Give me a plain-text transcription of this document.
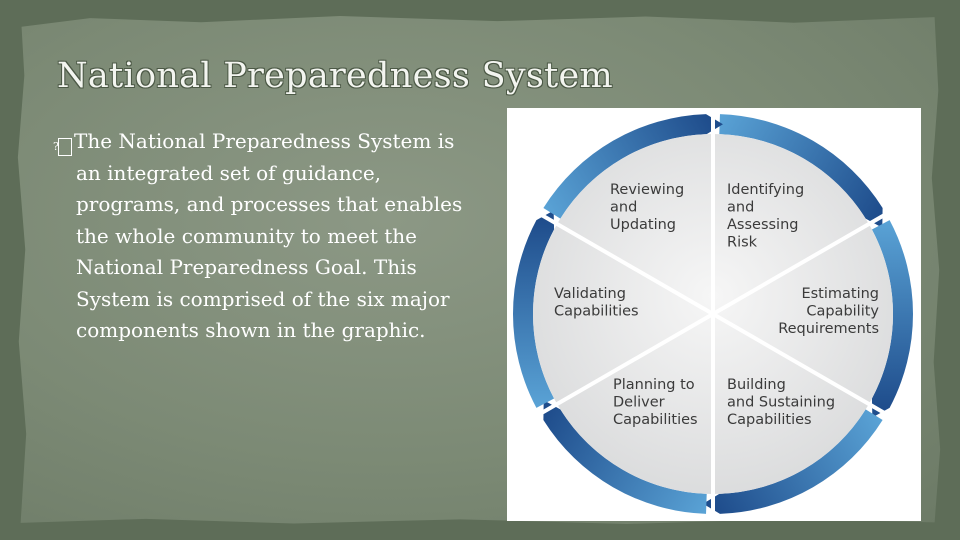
National Preparedness System
? The National Preparedness System is an integrated set of guidance, programs, and processes that enables the whole community to meet the National Preparedness Goal. This System is comprised of the six major components shown in the graphic.
Identifying and Assessing Risk
Estimating Capability Requirements
Building and Sustaining Capabilities
Planning to Deliver Capabilities
Validating Capabilities
Reviewing and Updating
